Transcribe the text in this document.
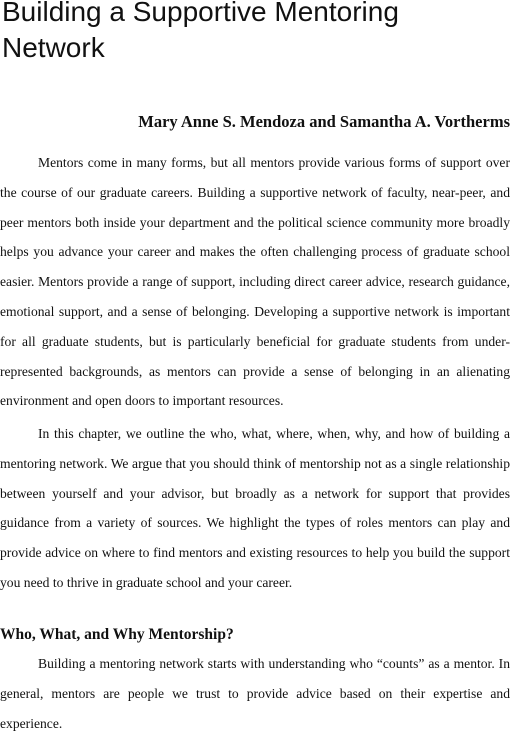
Building a Supportive Mentoring Network

Mary Anne S. Mendoza and Samantha A. Vortherms

Mentors come in many forms, but all mentors provide various forms of support over the course of our graduate careers. Building a supportive network of faculty, near-peer, and peer mentors both inside your department and the political science community more broadly helps you advance your career and makes the often challenging process of graduate school easier. Mentors provide a range of support, including direct career advice, research guidance, emotional support, and a sense of belonging. Developing a supportive network is important for all graduate students, but is particularly beneficial for graduate students from under-represented backgrounds, as mentors can provide a sense of belonging in an alienating environment and open doors to important resources.

In this chapter, we outline the who, what, where, when, why, and how of building a mentoring network. We argue that you should think of mentorship not as a single relationship between yourself and your advisor, but broadly as a network for support that provides guidance from a variety of sources. We highlight the types of roles mentors can play and provide advice on where to find mentors and existing resources to help you build the support you need to thrive in graduate school and your career.

Who, What, and Why Mentorship?

Building a mentoring network starts with understanding who “counts” as a mentor. In general, mentors are people we trust to provide advice based on their expertise and experience.
